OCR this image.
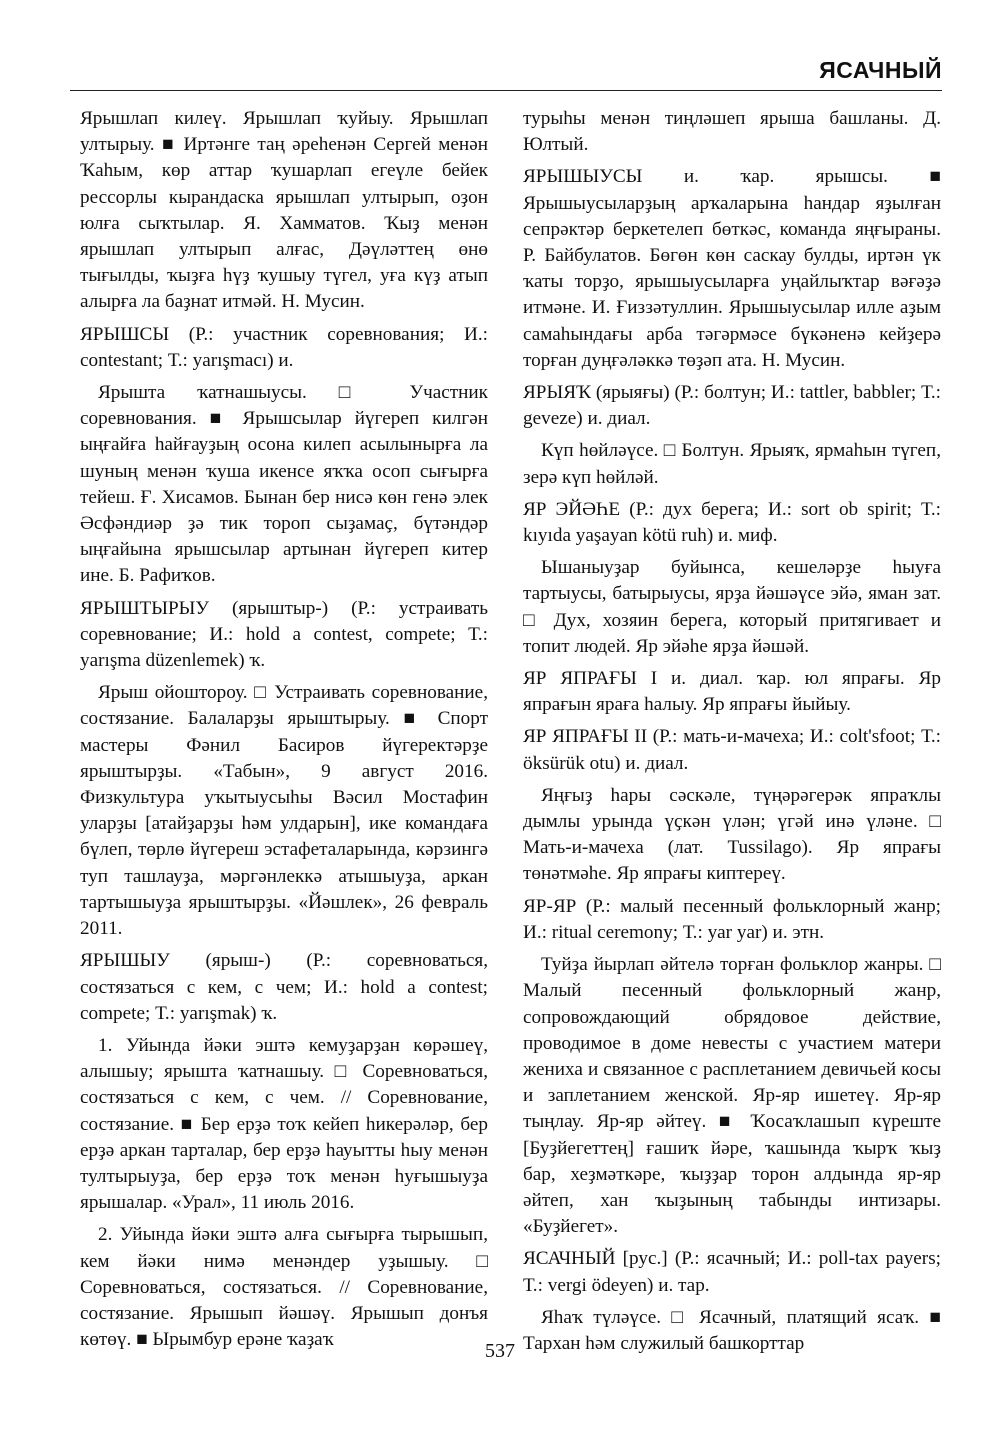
ЯСАЧНЫЙ

Ярышлап килеү. Ярышлап ҡуйыу. Ярышлап ултырыу. ■ Иртәнге таң әреһенән Сергей менән Ҡаһым, көр аттар ҡушарлап егеүле бейек рессорлы кырандаска ярышлап ултырып, оҙон юлға сыҡтылар. Я. Хамматов. Ҡыҙ менән ярышлап ултырып алғас, Дәүләттең өнө тығылды, ҡыҙға һүҙ ҡушыу түгел, уға күҙ атып алырға ла баҙнат итмәй. Н. Мусин.

ЯРЫШСЫ (Р.: участник соревнования; И.: contestant; Т.: yarışmacı) и.

Ярышта ҡатнашыусы. □ Участник соревнования. ■ Ярышсылар йүгереп килгән ыңғайға һайғауҙың осона килеп асылынырға ла шуның менән ҡуша икенсе яҡҡа осоп сығырға тейеш. Ғ. Хисамов. Бынан бер нисә көн генә элек Әсфәндиәр ҙә тик тороп сыҙамаҫ, бүтәндәр ыңғайына ярышсылар артынан йүгереп китер ине. Б. Рафиҡов.

ЯРЫШТЫРЫУ (ярыштыр-) (Р.: устраивать соревнование; И.: hold a contest, compete; Т.: yarışma düzenlemek) ҡ.

Ярыш ойоштороу. □ Устраивать соревнование, состязание. Балаларҙы ярыштырыу. ■ Спорт мастеры Фәнил Басиров йүгеректәрҙе ярыштырҙы. «Табын», 9 август 2016. Физкультура уҡытыусыһы Вәсил Мостафин уларҙы [атайҙарҙы һәм улдарын], ике командаға бүлеп, төрлө йүгереш эстафеталарында, кәрзингә туп ташлауҙа, мәргәнлеккә атышыуҙа, аркан тартышыуҙа ярыштырҙы. «Йәшлек», 26 февраль 2011.

ЯРЫШЫУ (ярыш-) (Р.: соревноваться, состязаться с кем, с чем; И.: hold a contest; compete; Т.: yarışmak) ҡ.

1. Уйында йәки эштә кемуҙарҙан көрәшеү, алышыу; ярышта ҡатнашыу. □ Соревноваться, состязаться с кем, с чем. // Соревнование, состязание. ■ Бер ерҙә тоҡ кейеп һикерәләр, бер ерҙә аркан тарталар, бер ерҙә һауытты һыу менән тултырыуҙа, бер ерҙә тоҡ менән һуғышыуҙа ярышалар. «Урал», 11 июль 2016.

2. Уйында йәки эштә алға сығырға тырышып, кем йәки нимә менәндер уҙышыу. □ Соревноваться, состязаться. // Соревнование, состязание. Ярышып йәшәү. Ярышып донъя көтөү. ■ Ырымбур ерәне ҡаҙаҡ

турыһы менән тиңләшеп ярыша башланы. Д. Юлтый.

ЯРЫШЫУСЫ и. ҡар. ярышсы. ■ Ярышыусыларҙың арҡаларына һандар яҙылған сепрәктәр беркетелеп бөткәс, команда яңғыраны. Р. Байбулатов. Бөгөн көн саскау булды, иртән үк ҡаты торҙо, ярышыусыларға уңайлыҡтар вәғәҙә итмәне. И. Ғиззәтуллин. Ярышыусылар илле аҙым самаһындағы арба тәгәрмәсе бүкәненә кейҙерә торған дуңғәләккә төҙәп ата. Н. Мусин.

ЯРЫЯҠ (ярыяғы) (Р.: болтун; И.: tattler, babbler; Т.: geveze) и. диал.

Күп һөйләүсе. □ Болтун. Ярыяҡ, ярмаһын түгеп, зерә күп һөйләй.

ЯР ЭЙӘҺЕ (Р.: дух берега; И.: sort ob spirit; Т.: kıyıda yaşayan kötü ruh) и. миф.

Ышаныуҙар буйынса, кешеләрҙе һыуға тартыусы, батырыусы, ярҙа йәшәүсе эйә, яман зат. □ Дух, хозяин берега, который притягивает и топит людей. Яр эйәһе ярҙа йәшәй.

ЯР ЯПРАҒЫ I и. диал. ҡар. юл япрағы. Яр япрағын яраға һалыу. Яр япрағы йыйыу.

ЯР ЯПРАҒЫ II (Р.: мать-и-мачеха; И.: colt'sfoot; Т.: öksürük otu) и. диал.

Яңғыҙ һары сәскәле, түңәрәгерәк япраҡлы дымлы урында үҫкән үлән; үгәй инә үләне. □ Мать-и-мачеха (лат. Tussilago). Яр япрағы төнәтмәһе. Яр япрағы киптереү.

ЯР-ЯР (Р.: малый песенный фольклорный жанр; И.: ritual ceremony; Т.: yar yar) и. этн.

Туйҙа йырлап әйтелә торған фольклор жанры. □ Малый песенный фольклорный жанр, сопровождающий обрядовое действие, проводимое в доме невесты с участием матери жениха и связанное с расплетанием девичьей косы и заплетанием женской. Яр-яр ишетеү. Яр-яр тыңлау. Яр-яр әйтеү. ■ Ҡосаҡлашып күреште [Буҙйегеттең] ғашиҡ йәре, ҡашында ҡырҡ ҡыҙ бар, хеҙмәткәре, ҡыҙҙар торон алдында яр-яр әйтеп, хан ҡыҙының табынды интизары. «Буҙйегет».

ЯСАЧНЫЙ [рус.] (Р.: ясачный; И.: poll-tax payers; Т.: vergi ödeyen) и. тар.

Яһаҡ түләүсе. □ Ясачный, платящий ясаҡ. ■ Тархан һәм служилый башкорттар

537
